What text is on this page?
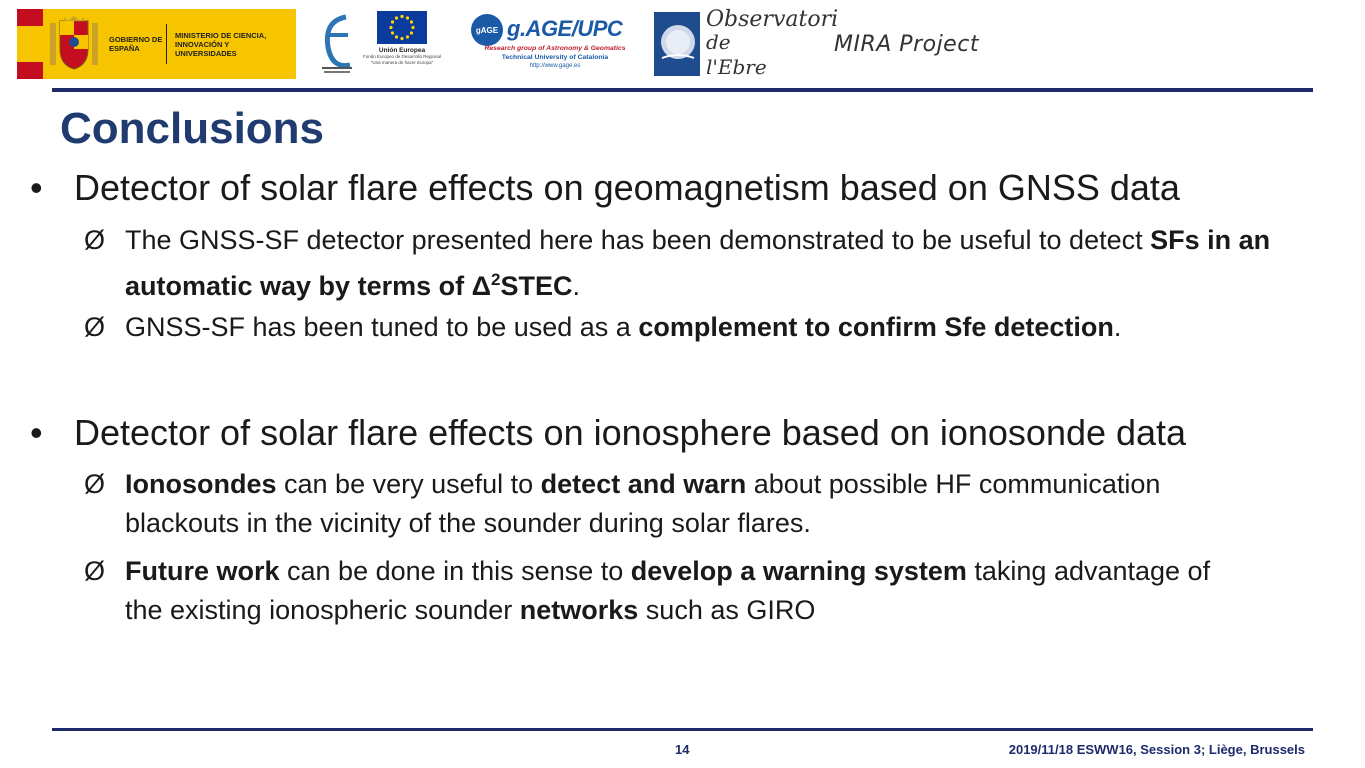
GOBIERNO DE ESPAÑA
MINISTERIO DE CIENCIA, INNOVACIÓN Y UNIVERSIDADES	Unión Europea
Fondo Europeo de Desarrollo Regional
"Una manera de hacer Europa"
gAGE g.AGE/UPC
Research group of Astronomy & Geomatics
Technical University of Catalonia
http://www.gage.es
Observatori
de
l'Ebre
MIRA Project
Conclusions
• Detector of solar flare effects on geomagnetism based on GNSS data
Ø The GNSS-SF detector presented here has been demonstrated to be useful to detect SFs in an automatic way by terms of $\Delta^2STEC$.
Ø GNSS-SF has been tuned to be used as a complement to confirm Sfe detection.
• Detector of solar flare effects on ionosphere based on ionosonde data
Ø Ionosondes can be very useful to detect and warn about possible HF communication blackouts in the vicinity of the sounder during solar flares.
Ø Future work can be done in this sense to develop a warning system taking advantage of the existing ionospheric sounder networks such as GIRO
14	2019/11/18 ESWW16, Session 3; Liège, Brussels
